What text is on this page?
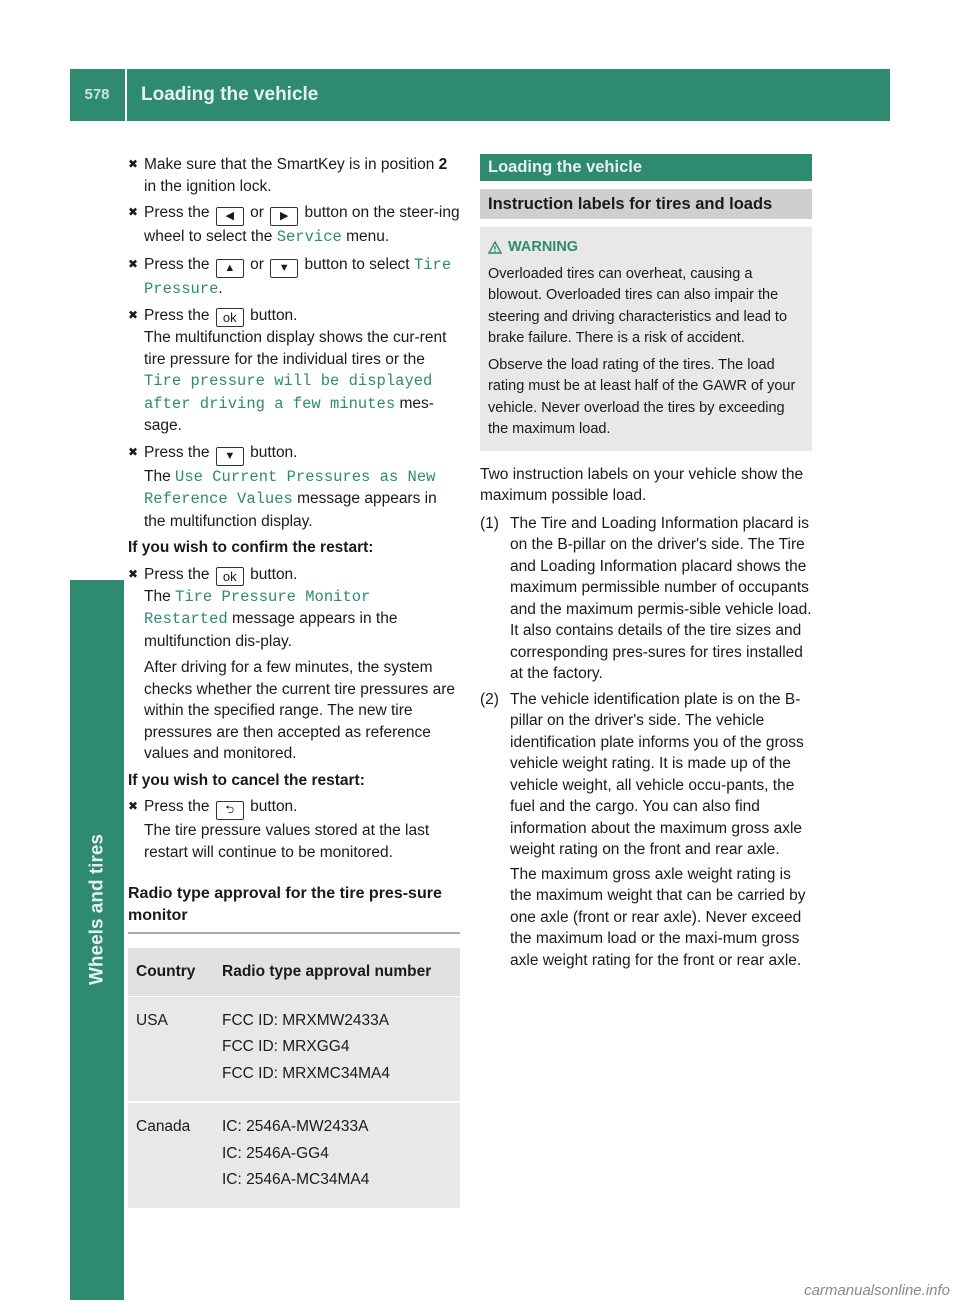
578	Loading the vehicle
Wheels and tires
✖ Make sure that the SmartKey is in position 2 in the ignition lock.
✖ Press the ◀ or ▶ button on the steer-ing wheel to select the Service menu.
✖ Press the ▲ or ▼ button to select Tire Pressure.
✖ Press the ok button.
The multifunction display shows the cur-rent tire pressure for the individual tires or the Tire pressure will be displayed after driving a few minutes mes-sage.
✖ Press the ▼ button.
The Use Current Pressures as New Reference Values message appears in the multifunction display.
If you wish to confirm the restart:
✖ Press the ok button.
The Tire Pressure Monitor Restarted message appears in the multifunction dis-play.

After driving for a few minutes, the system checks whether the current tire pressures are within the specified range. The new tire pressures are then accepted as reference values and monitored.

If you wish to cancel the restart:
✖ Press the ⮌ button.
The tire pressure values stored at the last restart will continue to be monitored.
Radio type approval for the tire pres-sure monitor
Country	Radio type approval number
USA	FCC ID: MRXMW2433A
FCC ID: MRXGG4
FCC ID: MRXMC34MA4

Canada	IC: 2546A-MW2433A
IC: 2546A-GG4
IC: 2546A-MC34MA4
Loading the vehicle
Instruction labels for tires and loads
WARNING

Overloaded tires can overheat, causing a blowout. Overloaded tires can also impair the steering and driving characteristics and lead to brake failure. There is a risk of accident.

Observe the load rating of the tires. The load rating must be at least half of the GAWR of your vehicle. Never overload the tires by exceeding the maximum load.

Two instruction labels on your vehicle show the maximum possible load.

(1) The Tire and Loading Information placard is on the B-pillar on the driver's side. The Tire and Loading Information placard shows the maximum permissible number of occupants and the maximum permis-sible vehicle load. It also contains details of the tire sizes and corresponding pres-sures for tires installed at the factory.
(2) The vehicle identification plate is on the B-pillar on the driver's side. The vehicle identification plate informs you of the gross vehicle weight rating. It is made up of the vehicle weight, all vehicle occu-pants, the fuel and the cargo. You can also find information about the maximum gross axle weight rating on the front and rear axle.

The maximum gross axle weight rating is the maximum weight that can be carried by one axle (front or rear axle). Never exceed the maximum load or the maxi-mum gross axle weight rating for the front or rear axle.

carmanualsonline.info
